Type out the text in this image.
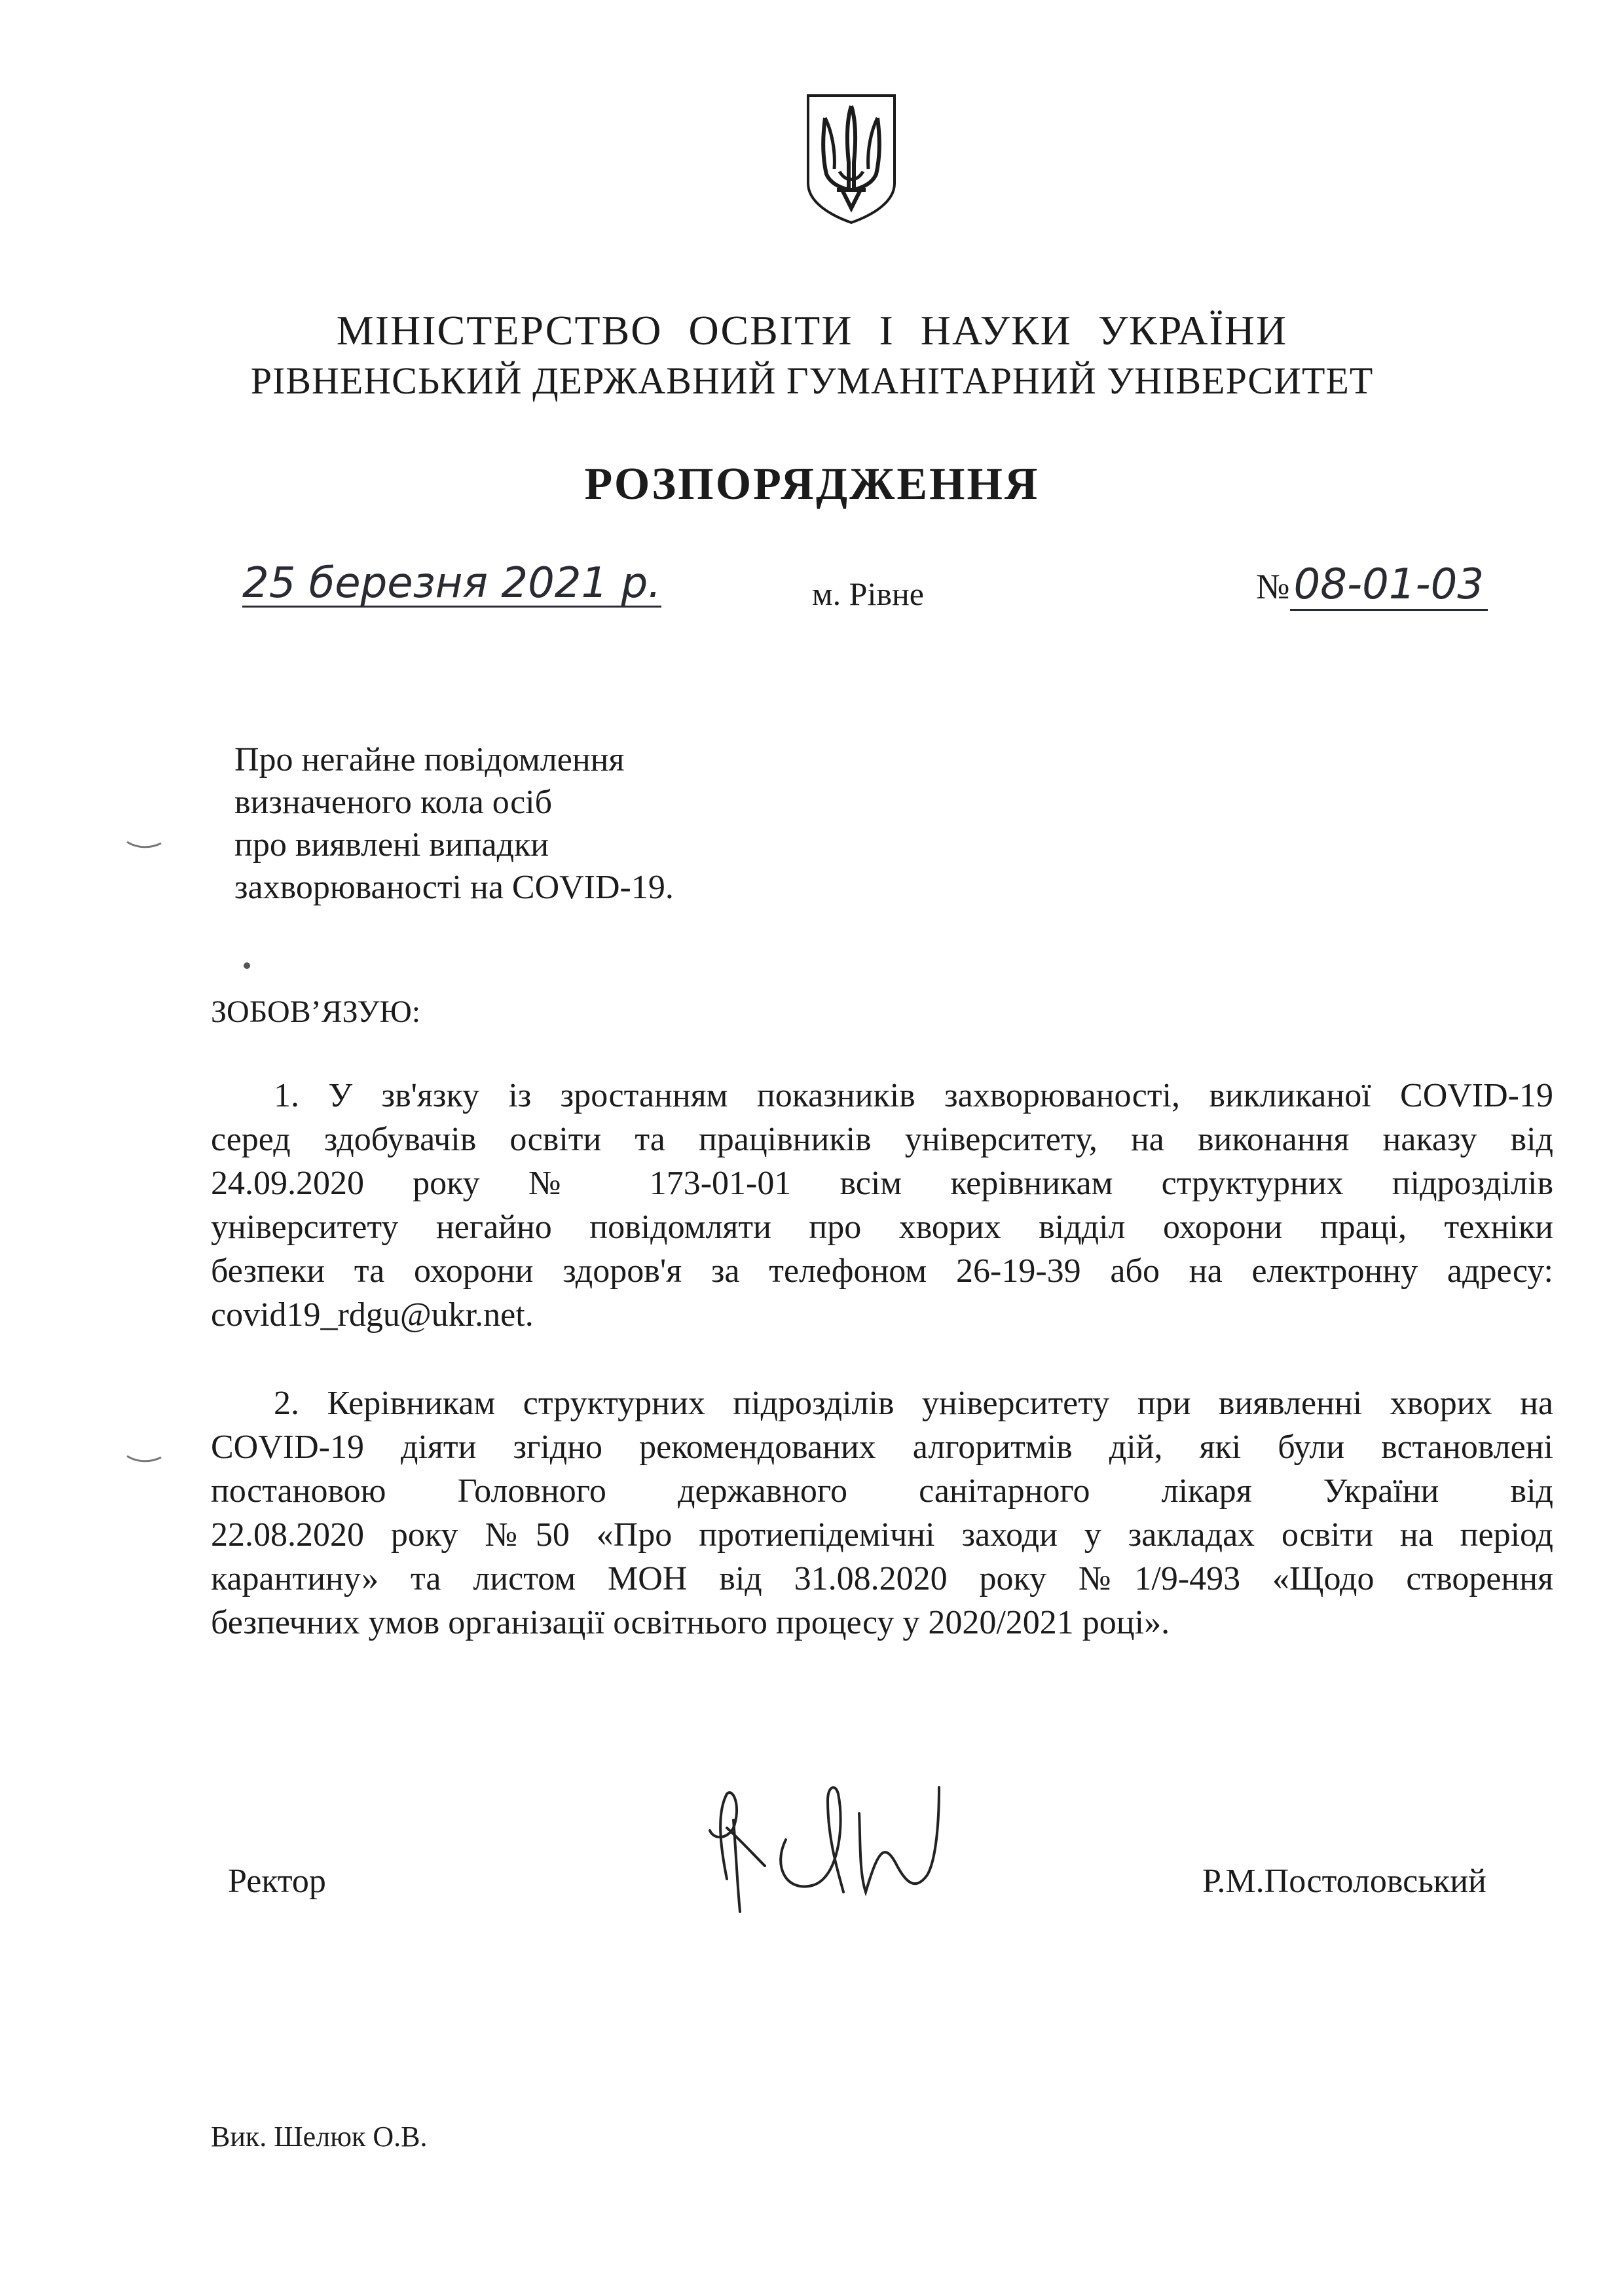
МІНІСТЕРСТВО ОСВІТИ І НАУКИ УКРАЇНИ
РІВНЕНСЬКИЙ ДЕРЖАВНИЙ ГУМАНІТАРНИЙ УНІВЕРСИТЕТ
РОЗПОРЯДЖЕННЯ
25 березня 2021 р.	м. Рівне	№08-01-03
Про негайне повідомлення
визначеного кола осіб
про виявлені випадки
захворюваності на COVID-19.
ЗОБОВ’ЯЗУЮ:
1. У зв'язку із зростанням показників захворюваності, викликаної COVID-19
серед здобувачів освіти та працівників університету, на виконання наказу від
24.09.2020 року № 173-01-01 всім керівникам структурних підрозділів
університету негайно повідомляти про хворих відділ охорони праці, техніки
безпеки та охорони здоров'я за телефоном 26-19-39 або на електронну адресу:
covid19_rdgu@ukr.net.
2. Керівникам структурних підрозділів університету при виявленні хворих на
COVID-19 діяти згідно рекомендованих алгоритмів дій, які були встановлені
постановою Головного державного санітарного лікаря України від
22.08.2020 року №50 «Про протиепідемічні заходи у закладах освіти на період
карантину» та листом МОН від 31.08.2020 року №1/9-493 «Щодо створення
безпечних умов організації освітнього процесу у 2020/2021 році».
Ректор	Р.М.Постоловський
Вик. Шелюк О.В.
